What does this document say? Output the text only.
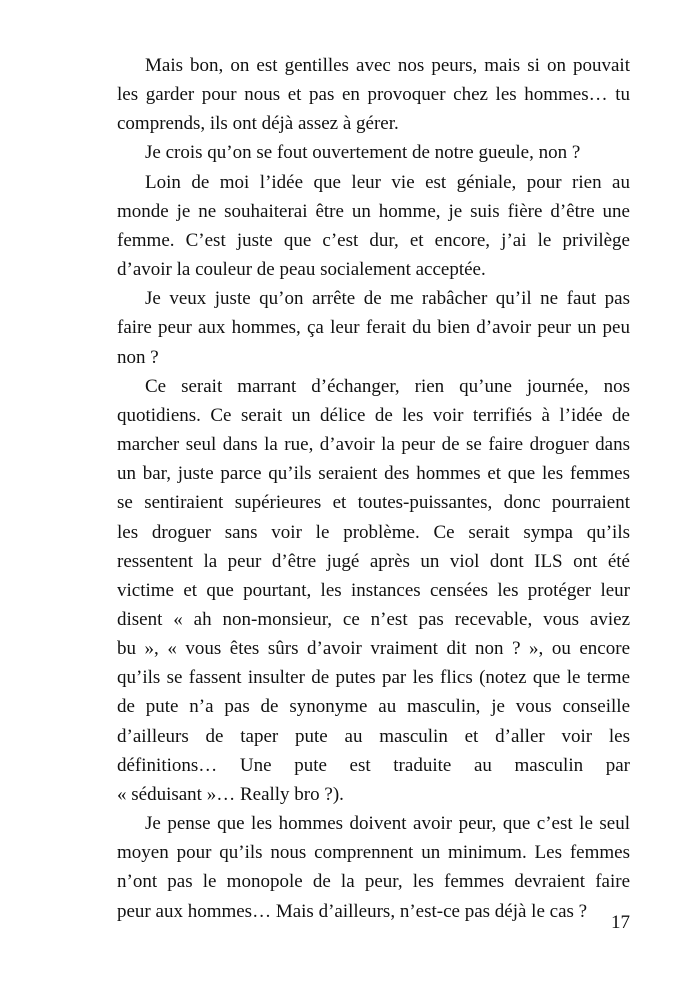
Mais bon, on est gentilles avec nos peurs, mais si on pouvait
les garder pour nous et pas en provoquer chez les hommes… tu
comprends, ils ont déjà assez à gérer.
Je crois qu’on se fout ouvertement de notre gueule, non ?
Loin de moi l’idée que leur vie est géniale, pour rien au
monde je ne souhaiterai être un homme, je suis fière d’être une
femme. C’est juste que c’est dur, et encore, j’ai le privilège
d’avoir la couleur de peau socialement acceptée.
Je veux juste qu’on arrête de me rabâcher qu’il ne faut pas
faire peur aux hommes, ça leur ferait du bien d’avoir peur un peu
non ?
Ce serait marrant d’échanger, rien qu’une journée, nos
quotidiens. Ce serait un délice de les voir terrifiés à l’idée de
marcher seul dans la rue, d’avoir la peur de se faire droguer dans
un bar, juste parce qu’ils seraient des hommes et que les femmes
se sentiraient supérieures et toutes-puissantes, donc pourraient
les droguer sans voir le problème. Ce serait sympa qu’ils
ressentent la peur d’être jugé après un viol dont ILS ont été
victime et que pourtant, les instances censées les protéger leur
disent « ah non-monsieur, ce n’est pas recevable, vous aviez
bu », « vous êtes sûrs d’avoir vraiment dit non ? », ou encore
qu’ils se fassent insulter de putes par les flics (notez que le terme
de pute n’a pas de synonyme au masculin, je vous conseille
d’ailleurs de taper pute au masculin et d’aller voir les
définitions… Une pute est traduite au masculin par
« séduisant »… Really bro ?).
Je pense que les hommes doivent avoir peur, que c’est le seul
moyen pour qu’ils nous comprennent un minimum. Les femmes
n’ont pas le monopole de la peur, les femmes devraient faire
peur aux hommes… Mais d’ailleurs, n’est-ce pas déjà le cas ?
17
